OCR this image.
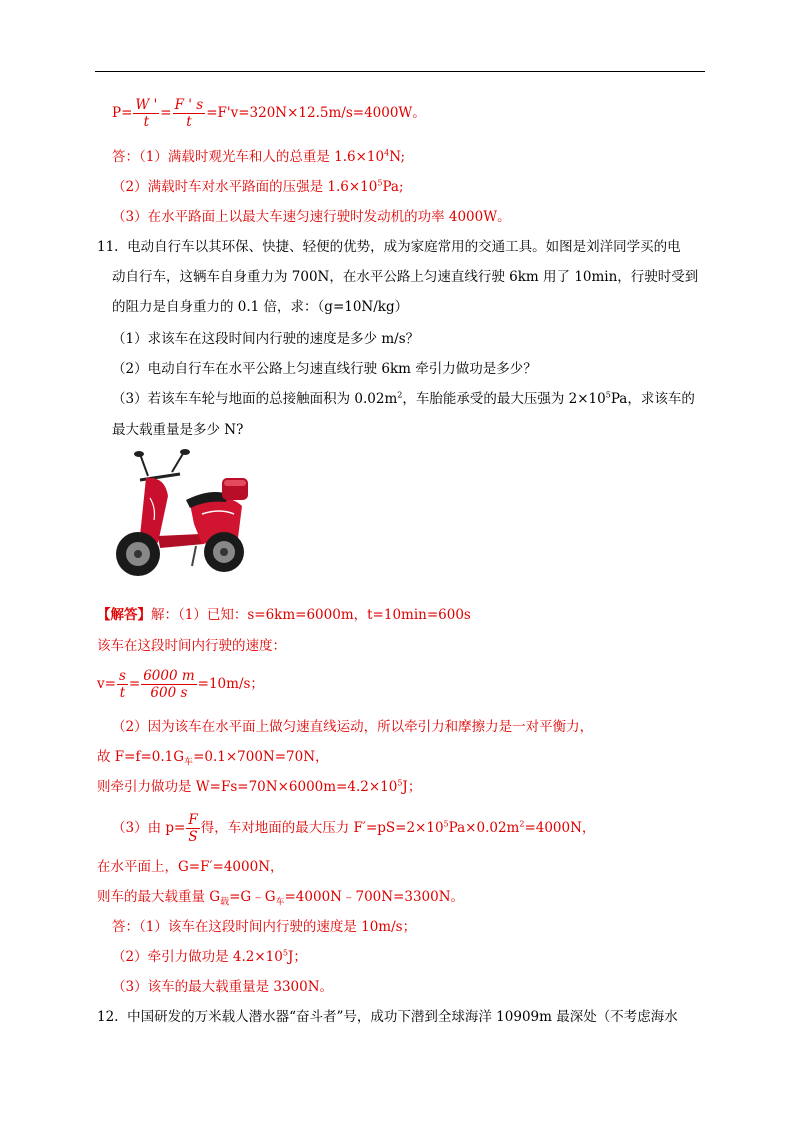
$P= \frac{W '}{t} = \frac{F ' s}{t} =F'v=320N\times 12.5m/s=4000W$。
答：（1）满载时观光车和人的总重是 $1.6\times 10^4N$;
（2）满载时车对水平路面的压强是 $1.6\times 10^5Pa$;
（3）在水平路面上以最大车速匀速行驶时发动机的功率 4000W。
11. 电动自行车以其环保、快捷、轻便的优势，成为家庭常用的交通工具。如图是刘洋同学买的电
动自行车，这辆车自身重力为 700N，在水平公路上匀速直线行驶 6km 用了 10min，行驶时受到
的阻力是自身重力的 0.1 倍，求：（g=10N/kg）
（1）求该车在这段时间内行驶的速度是多少 m/s？
（2）电动自行车在水平公路上匀速直线行驶 6km 牵引力做功是多少？
（3）若该车车轮与地面的总接触面积为 $0.02m^2$，车胎能承受的最大压强为 $2\times 10^5Pa$，求该车的
最大载重量是多少 N?
【解答】解：（1）已知：s=6km=6000m，t=10min=600s
该车在这段时间内行驶的速度：
$v= \frac{s}{t} = \frac{6000 m}{600 s} =10m/s$；
（2）因为该车在水平面上做匀速直线运动，所以牵引力和摩擦力是一对平衡力，
故 $F=f=0.1G_车=0.1\times 700N=70N$，
则牵引力做功是 $W=Fs=70N\times 6000m=4.2\times 10^5J$；
（3）由 $p= \frac{F}{S}$ 得，车对地面的最大压力 $F'=pS=2\times 10^5Pa\times 0.02m^2=4000N$，
在水平面上，G=F′=4000N，
则车的最大载重量 $G_载=G﹣G_车=4000N﹣700N=3300N$。
答：（1）该车在这段时间内行驶的速度是 10m/s；
（2）牵引力做功是 $4.2\times 10^5J$；
（3）该车的最大载重量是 3300N。
12. 中国研发的万米载人潜水器“奋斗者”号，成功下潜到全球海洋 10909m 最深处（不考虑海水
